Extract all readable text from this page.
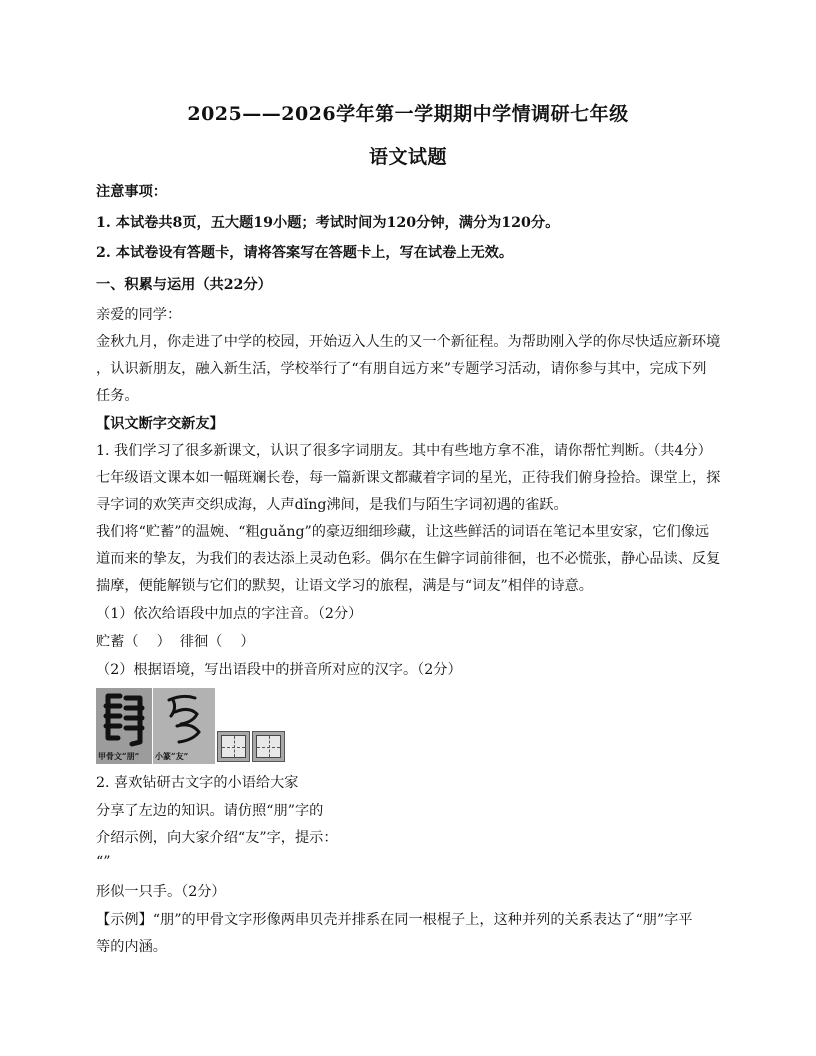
2025——2026学年第一学期期中学情调研七年级
语文试题
注意事项：
1. 本试卷共8页，五大题19小题；考试时间为120分钟，满分为120分。
2. 本试卷设有答题卡，请将答案写在答题卡上，写在试卷上无效。
一、积累与运用（共22分）
亲爱的同学：
金秋九月，你走进了中学的校园，开始迈入人生的又一个新征程。为帮助刚入学的你尽快适应新环境
，认识新朋友，融入新生活，学校举行了“有朋自远方来”专题学习活动，请你参与其中，完成下列
任务。
【识文断字交新友】
1. 我们学习了很多新课文，认识了很多字词朋友。其中有些地方拿不准，请你帮忙判断。（共4分）
七年级语文课本如一幅斑斓长卷，每一篇新课文都藏着字词的星光，正待我们俯身捡拾。课堂上，探
寻字词的欢笑声交织成海，人声dǐng沸间，是我们与陌生字词初遇的雀跃。
我们将“贮蓄”的温婉、“粗guǎng”的豪迈细细珍藏，让这些鲜活的词语在笔记本里安家，它们像远
道而来的挚友，为我们的表达添上灵动色彩。偶尔在生僻字词前徘徊，也不必慌张，静心品读、反复
揣摩，便能解锁与它们的默契，让语文学习的旅程，满是与“词友”相伴的诗意。
（1）依次给语段中加点的字注音。（2分）
贮蓄（    ）  徘徊（    ）
（2）根据语境，写出语段中的拼音所对应的汉字。（2分）
甲骨文“朋” 小篆“友”
2. 喜欢钻研古文字的小语给大家
分享了左边的知识。请仿照“朋”字的
介绍示例，向大家介绍“友”字，提示：
“”
形似一只手。（2分）
【示例】“朋”的甲骨文字形像两串贝壳并排系在同一根棍子上，这种并列的关系表达了“朋”字平
等的内涵。
